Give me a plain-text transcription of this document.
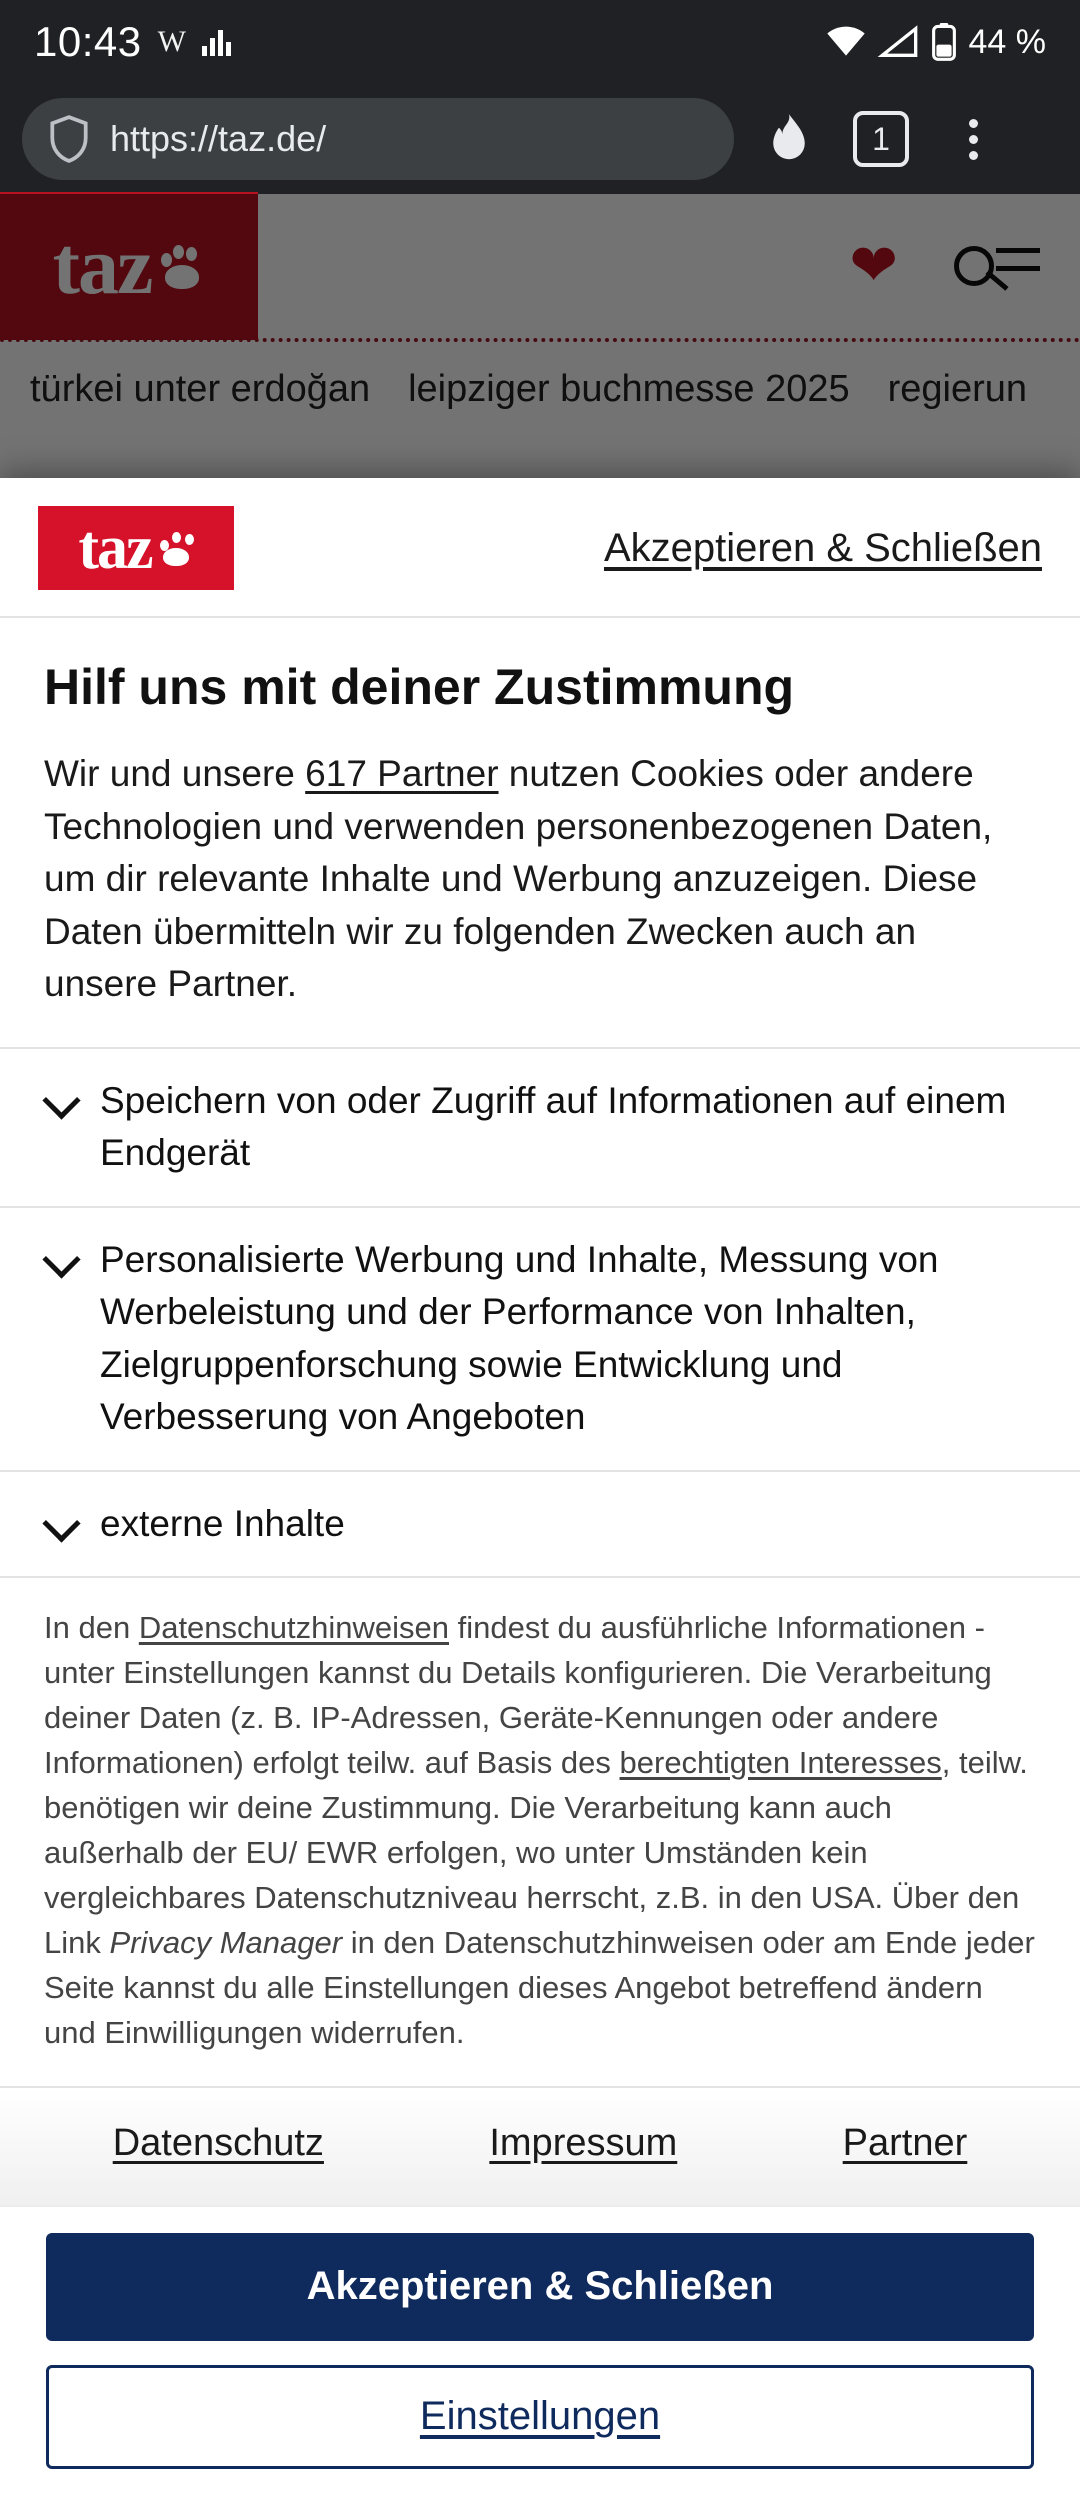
10:43 W	44 %
https://taz.de/	1
taz	Akzeptieren & Schließen
Hilf uns mit deiner Zustimmung

Wir und unsere 617 Partner nutzen Cookies oder andere Technologien und verwenden personenbezogenen Daten, um dir relevante Inhalte und Werbung anzuzeigen. Diese Daten übermitteln wir zu folgenden Zwecken auch an unsere Partner.

Speichern von oder Zugriff auf Informationen auf einem Endgerät
Personalisierte Werbung und Inhalte, Messung von Werbeleistung und der Performance von Inhalten, Zielgruppenforschung sowie Entwicklung und Verbesserung von Angeboten
externe Inhalte

In den Datenschutzhinweisen findest du ausführliche Informationen - unter Einstellungen kannst du Details konfigurieren. Die Verarbeitung deiner Daten (z. B. IP-Adressen, Geräte-Kennungen oder andere Informationen) erfolgt teilw. auf Basis des berechtigten Interesses, teilw. benötigen wir deine Zustimmung. Die Verarbeitung kann auch außerhalb der EU/ EWR erfolgen, wo unter Umständen kein vergleichbares Datenschutzniveau herrscht, z.B. in den USA. Über den Link Privacy Manager in den Datenschutzhinweisen oder am Ende jeder Seite kannst du alle Einstellungen dieses Angebot betreffend ändern und Einwilligungen widerrufen.

Datenschutz	Impressum	Partner
Akzeptieren & Schließen
Einstellungen
